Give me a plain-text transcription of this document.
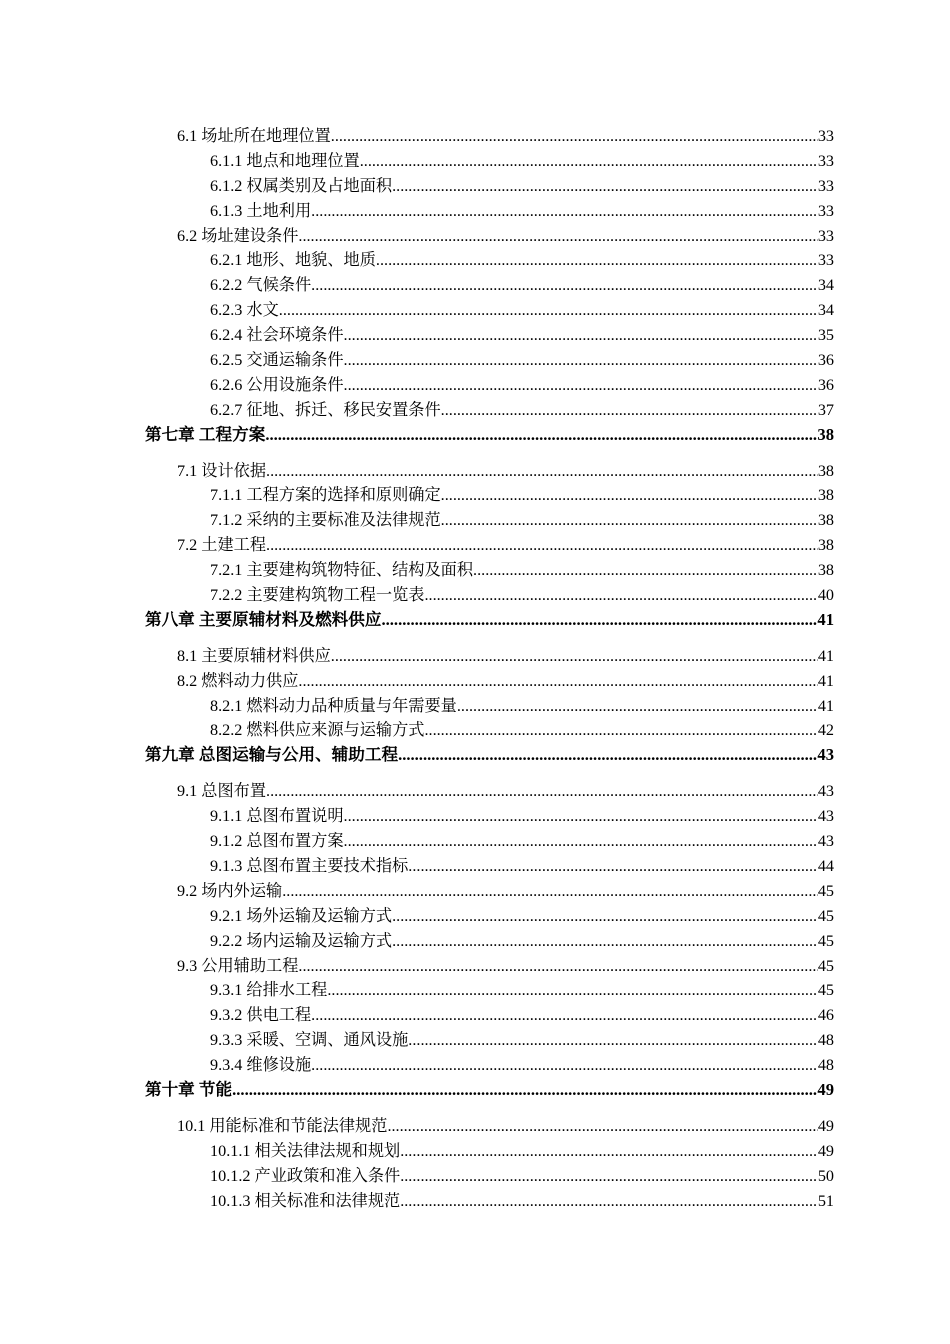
6.1 场址所在地理位置 .....	33
6.1.1 地点和地理位置 .....	33
6.1.2 权属类别及占地面积 .....	33
6.1.3 土地利用 .....	33
6.2 场址建设条件 .....	33
6.2.1 地形、地貌、地质 .....	33
6.2.2 气候条件 .....	34
6.2.3 水文 .....	34
6.2.4 社会环境条件 .....	35
6.2.5 交通运输条件 .....	36
6.2.6 公用设施条件 .....	36
6.2.7 征地、拆迁、移民安置条件 .....	37
第七章 工程方案 .....	38
7.1 设计依据 .....	38
7.1.1 工程方案的选择和原则确定 .....	38
7.1.2 采纳的主要标准及法律规范 .....	38
7.2 土建工程 .....	38
7.2.1 主要建构筑物特征、结构及面积 .....	38
7.2.2 主要建构筑物工程一览表 .....	40
第八章 主要原辅材料及燃料供应 .....	41
8.1 主要原辅材料供应 .....	41
8.2 燃料动力供应 .....	41
8.2.1 燃料动力品种质量与年需要量 .....	41
8.2.2 燃料供应来源与运输方式 .....	42
第九章 总图运输与公用、辅助工程 .....	43
9.1 总图布置 .....	43
9.1.1 总图布置说明 .....	43
9.1.2 总图布置方案 .....	43
9.1.3 总图布置主要技术指标 .....	44
9.2 场内外运输 .....	45
9.2.1 场外运输及运输方式 .....	45
9.2.2 场内运输及运输方式 .....	45
9.3 公用辅助工程 .....	45
9.3.1 给排水工程 .....	45
9.3.2 供电工程 .....	46
9.3.3 采暖、空调、通风设施 .....	48
9.3.4 维修设施 .....	48
第十章 节能 .....	49
10.1 用能标准和节能法律规范 .....	49
10.1.1 相关法律法规和规划 .....	49
10.1.2 产业政策和准入条件 .....	50
10.1.3 相关标准和法律规范 .....	51
